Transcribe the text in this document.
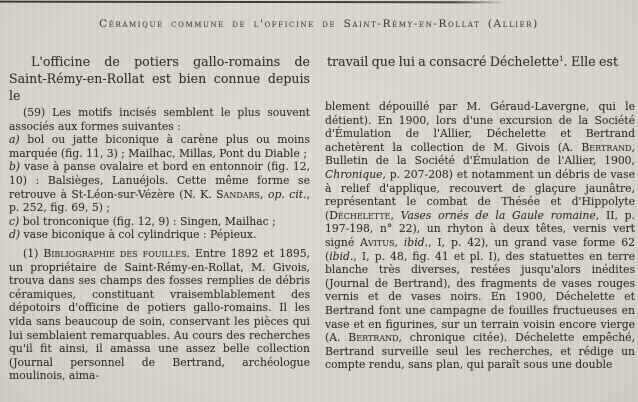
Céramique commune de l'officine de Saint-Rémy-en-Rollat (Allier)
L'officine de potiers gallo-romains de Saint-Rémy-en-Rollat est bien connue depuis le
travail que lui a consacré Déchelette$^1$. Elle est

(59) Les motifs incisés semblent le plus souvent associés aux formes suivantes :

a) bol ou jatte biconique à carène plus ou moins marquée (fig. 11, 3) ; Mailhac, Millas, Pont du Diable ;

b) vase à panse ovalaire et bord en entonnoir (fig. 12, 10) : Balsièges, Lanuéjols. Cette même forme se retrouve à St-Léon-sur-Vézère (N. K. Sandars, op. cit., p. 252, fig. 69, 5) ;

c) bol tronconique (fig. 12, 9) : Singen, Mailhac ;

d) vase biconique à col cylindrique : Pépieux.

(1) Bibliographie des fouilles. Entre 1892 et 1895, un propriétaire de Saint-Rémy-en-Rollat, M. Givois, trouva dans ses champs des fosses remplies de débris céramiques, constituant vraisemblablement des dépotoirs d'officine de potiers gallo-romains. Il les vida sans beaucoup de soin, conservant les pièces qui lui semblaient remarquables. Au cours des recherches qu'il fit ainsi, il amassa une assez belle collection (Journal personnel de Bertrand, archéologue moulinois, aima-

blement dépouillé par M. Géraud-Lavergne, qui le détient). En 1900, lors d'une excursion de la Société d'Émulation de l'Allier, Déchelette et Bertrand achetèrent la collection de M. Givois (A. Bertrand, Bulletin de la Société d'Émulation de l'Allier, 1900, Chronique, p. 207-208) et notamment un débris de vase à relief d'applique, recouvert de glaçure jaunâtre, représentant le combat de Thésée et d'Hippolyte (Déchelette, Vases ornés de la Gaule romaine, II, p. 197-198, n° 22), un rhyton à deux têtes, vernis vert signé Avitus, ibid., I, p. 42), un grand vase forme 62 (ibid., I, p. 48, fig. 41 et pl. I), des statuettes en terre blanche très diverses, restées jusqu'alors inédites (Journal de Bertrand), des fragments de vases rouges vernis et de vases noirs. En 1900, Déchelette et Bertrand font une campagne de fouilles fructueuses en vase et en figurines, sur un terrain voisin encore vierge (A. Bertrand, chronique citée). Déchelette empêché, Bertrand surveille seul les recherches, et rédige un compte rendu, sans plan, qui paraît sous une double
